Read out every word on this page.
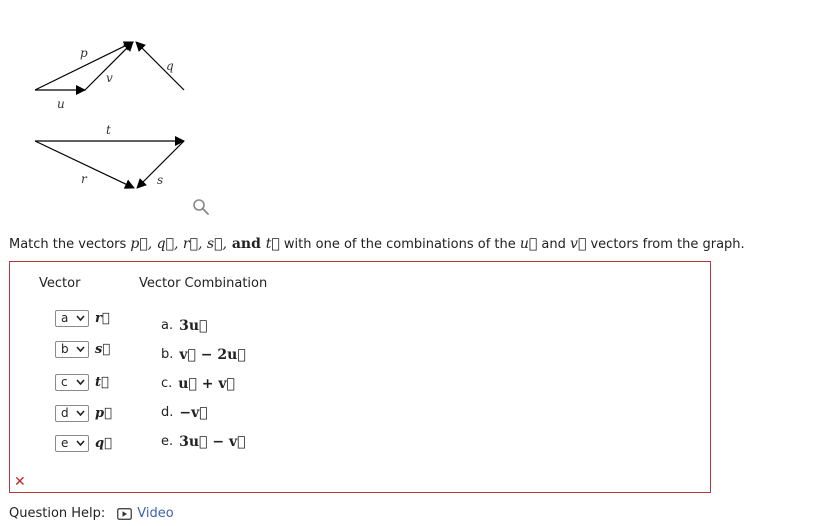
p
v
q
u
t
r	s
Match the vectors p⃗, q⃗, r⃗, s⃗, and t⃗ with one of the combinations of the u⃗ and v⃗ vectors from the graph.
Vector	Vector Combination
a r⃗
b s⃗
c t⃗
d p⃗
e q⃗
a. 3u⃗
b. v⃗ − 2u⃗
c. u⃗ + v⃗
d. −v⃗
e. 3u⃗ − v⃗
✕
Question Help: Video
